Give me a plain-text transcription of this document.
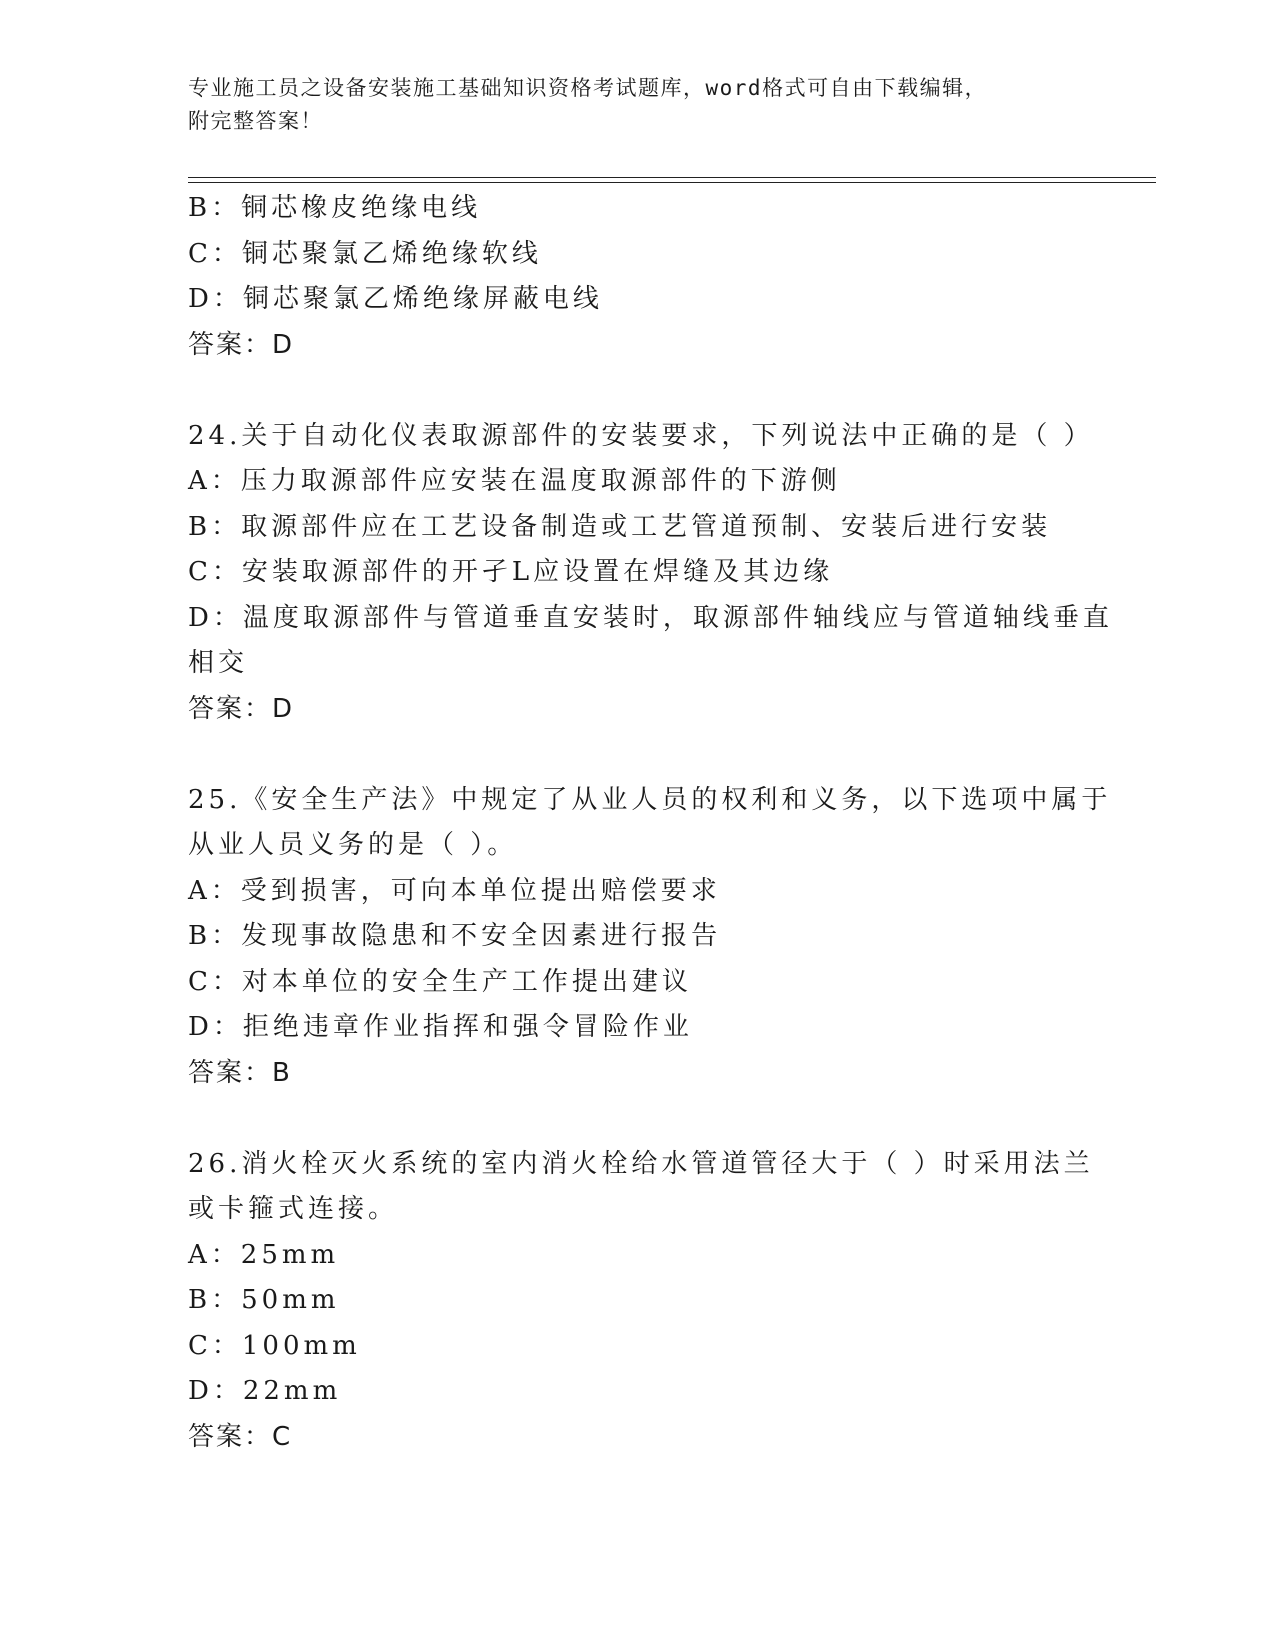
专业施工员之设备安装施工基础知识资格考试题库，word格式可自由下载编辑，
附完整答案！
B：铜芯橡皮绝缘电线
C：铜芯聚氯乙烯绝缘软线
D：铜芯聚氯乙烯绝缘屏蔽电线
答案：D
24.关于自动化仪表取源部件的安装要求，下列说法中正确的是（ ）
A：压力取源部件应安装在温度取源部件的下游侧
B：取源部件应在工艺设备制造或工艺管道预制、安装后进行安装
C：安装取源部件的开孑L应设置在焊缝及其边缘
D：温度取源部件与管道垂直安装时，取源部件轴线应与管道轴线垂直
相交
答案：D
25.《安全生产法》中规定了从业人员的权利和义务，以下选项中属于
从业人员义务的是（ ）。
A：受到损害，可向本单位提出赔偿要求
B：发现事故隐患和不安全因素进行报告
C：对本单位的安全生产工作提出建议
D：拒绝违章作业指挥和强令冒险作业
答案：B
26.消火栓灭火系统的室内消火栓给水管道管径大于（ ）时采用法兰
或卡箍式连接。
A：25mm
B：50mm
C：100mm
D：22mm
答案：C
